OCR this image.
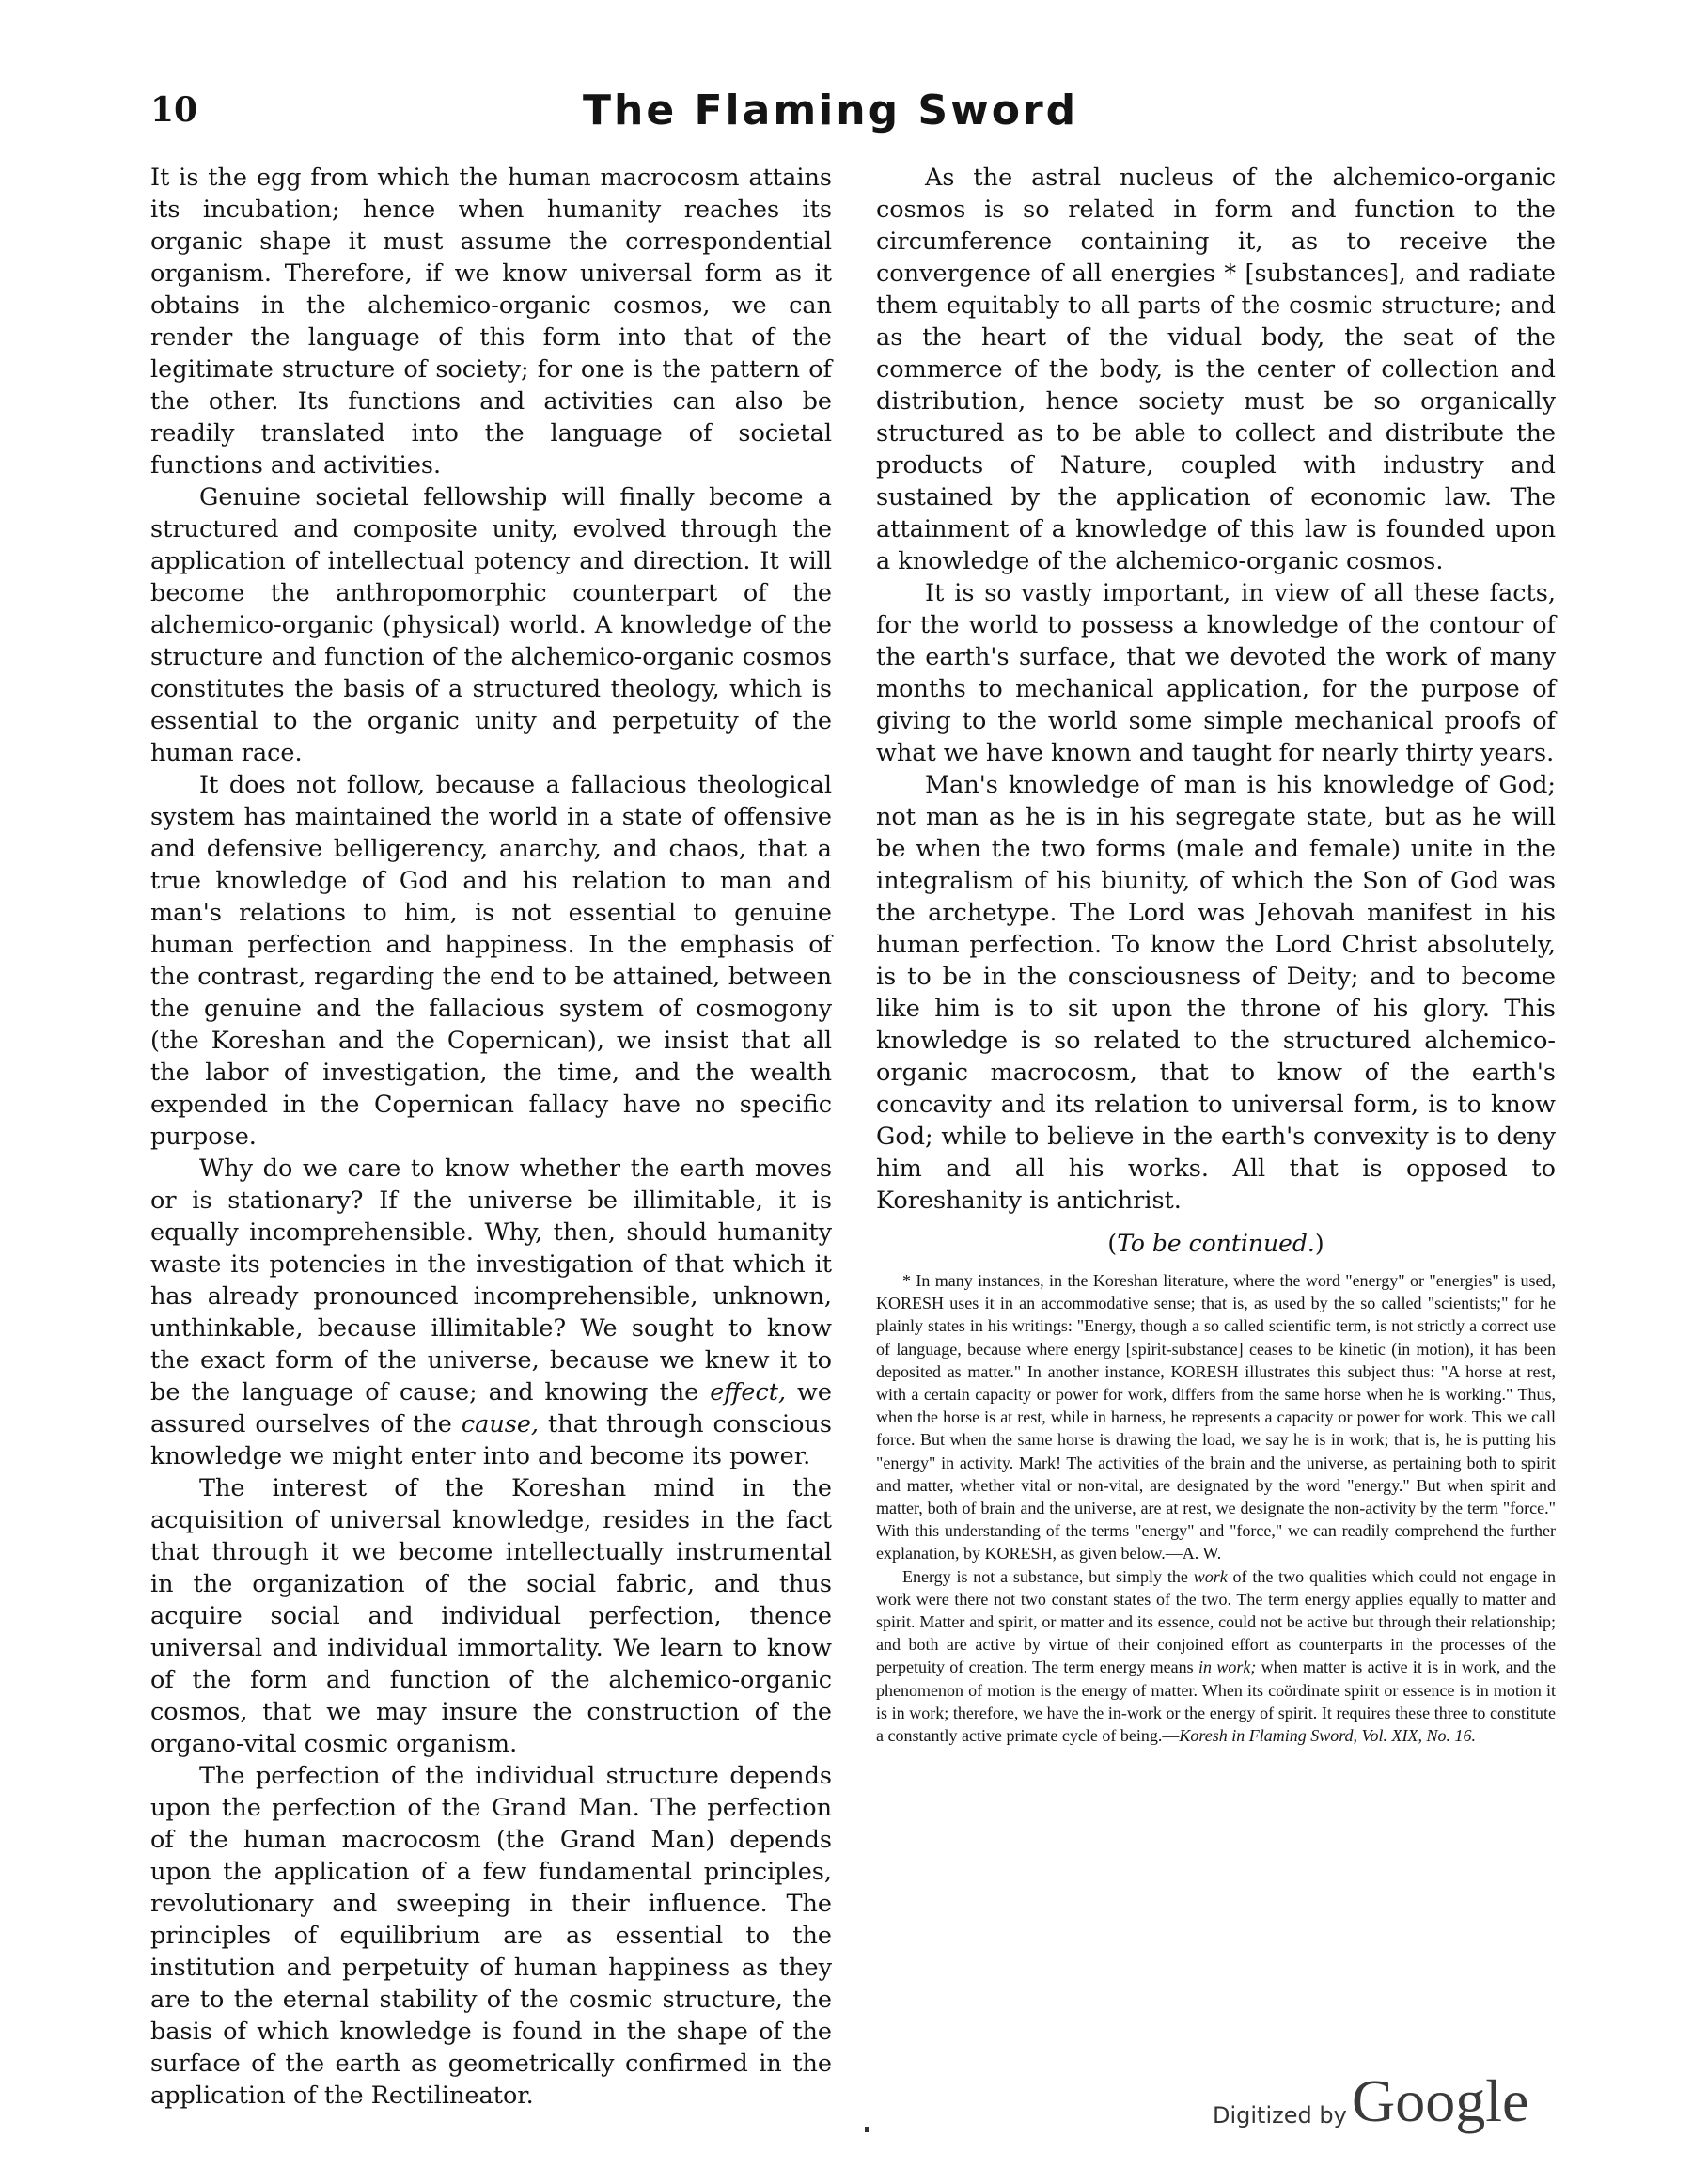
10	The Flaming Sword

It is the egg from which the human macrocosm attains its incubation; hence when humanity reaches its organic shape it must assume the correspondential organism. Therefore, if we know universal form as it obtains in the alchemico-organic cosmos, we can render the language of this form into that of the legitimate structure of society; for one is the pattern of the other. Its functions and activities can also be readily translated into the language of societal functions and activities.

Genuine societal fellowship will finally become a structured and composite unity, evolved through the application of intellectual potency and direction. It will become the anthropomorphic counterpart of the alchemico-organic (physical) world. A knowledge of the structure and function of the alchemico-organic cosmos constitutes the basis of a structured theology, which is essential to the organic unity and perpetuity of the human race.

It does not follow, because a fallacious theological system has maintained the world in a state of offensive and defensive belligerency, anarchy, and chaos, that a true knowledge of God and his relation to man and man's relations to him, is not essential to genuine human perfection and happiness. In the emphasis of the contrast, regarding the end to be attained, between the genuine and the fallacious system of cosmogony (the Koreshan and the Copernican), we insist that all the labor of investigation, the time, and the wealth expended in the Copernican fallacy have no specific purpose.

Why do we care to know whether the earth moves or is stationary? If the universe be illimitable, it is equally incomprehensible. Why, then, should humanity waste its potencies in the investigation of that which it has already pronounced incomprehensible, unknown, unthinkable, because illimitable? We sought to know the exact form of the universe, because we knew it to be the language of cause; and knowing the effect, we assured ourselves of the cause, that through conscious knowledge we might enter into and become its power.

The interest of the Koreshan mind in the acquisition of universal knowledge, resides in the fact that through it we become intellectually instrumental in the organization of the social fabric, and thus acquire social and individual perfection, thence universal and individual immortality. We learn to know of the form and function of the alchemico-organic cosmos, that we may insure the construction of the organo-vital cosmic organism.

The perfection of the individual structure depends upon the perfection of the Grand Man. The perfection of the human macrocosm (the Grand Man) depends upon the application of a few fundamental principles, revolutionary and sweeping in their influence. The principles of equilibrium are as essential to the institution and perpetuity of human happiness as they are to the eternal stability of the cosmic structure, the basis of which knowledge is found in the shape of the surface of the earth as geometrically confirmed in the application of the Rectilineator.

As the astral nucleus of the alchemico-organic cosmos is so related in form and function to the circumference containing it, as to receive the convergence of all energies * [substances], and radiate them equitably to all parts of the cosmic structure; and as the heart of the vidual body, the seat of the commerce of the body, is the center of collection and distribution, hence society must be so organically structured as to be able to collect and distribute the products of Nature, coupled with industry and sustained by the application of economic law. The attainment of a knowledge of this law is founded upon a knowledge of the alchemico-organic cosmos.

It is so vastly important, in view of all these facts, for the world to possess a knowledge of the contour of the earth's surface, that we devoted the work of many months to mechanical application, for the purpose of giving to the world some simple mechanical proofs of what we have known and taught for nearly thirty years.

Man's knowledge of man is his knowledge of God; not man as he is in his segregate state, but as he will be when the two forms (male and female) unite in the integralism of his biunity, of which the Son of God was the archetype. The Lord was Jehovah manifest in his human perfection. To know the Lord Christ absolutely, is to be in the consciousness of Deity; and to become like him is to sit upon the throne of his glory. This knowledge is so related to the structured alchemico-organic macrocosm, that to know of the earth's concavity and its relation to universal form, is to know God; while to believe in the earth's convexity is to deny him and all his works. All that is opposed to Koreshanity is antichrist.

(To be continued.)

* In many instances, in the Koreshan literature, where the word "energy" or "energies" is used, KORESH uses it in an accommodative sense; that is, as used by the so called "scientists;" for he plainly states in his writings: "Energy, though a so called scientific term, is not strictly a correct use of language, because where energy [spirit-substance] ceases to be kinetic (in motion), it has been deposited as matter." In another instance, KORESH illustrates this subject thus: "A horse at rest, with a certain capacity or power for work, differs from the same horse when he is working." Thus, when the horse is at rest, while in harness, he represents a capacity or power for work. This we call force. But when the same horse is drawing the load, we say he is in work; that is, he is putting his "energy" in activity. Mark! The activities of the brain and the universe, as pertaining both to spirit and matter, whether vital or non-vital, are designated by the word "energy." But when spirit and matter, both of brain and the universe, are at rest, we designate the non-activity by the term "force." With this understanding of the terms "energy" and "force," we can readily comprehend the further explanation, by KORESH, as given below.—A. W.

Energy is not a substance, but simply the work of the two qualities which could not engage in work were there not two constant states of the two. The term energy applies equally to matter and spirit. Matter and spirit, or matter and its essence, could not be active but through their relationship; and both are active by virtue of their conjoined effort as counterparts in the processes of the perpetuity of creation. The term energy means in work; when matter is active it is in work, and the phenomenon of motion is the energy of matter. When its coördinate spirit or essence is in motion it is in work; therefore, we have the in-work or the energy of spirit. It requires these three to constitute a constantly active primate cycle of being.—Koresh in Flaming Sword, Vol. XIX, No. 16.

Digitized by Google
